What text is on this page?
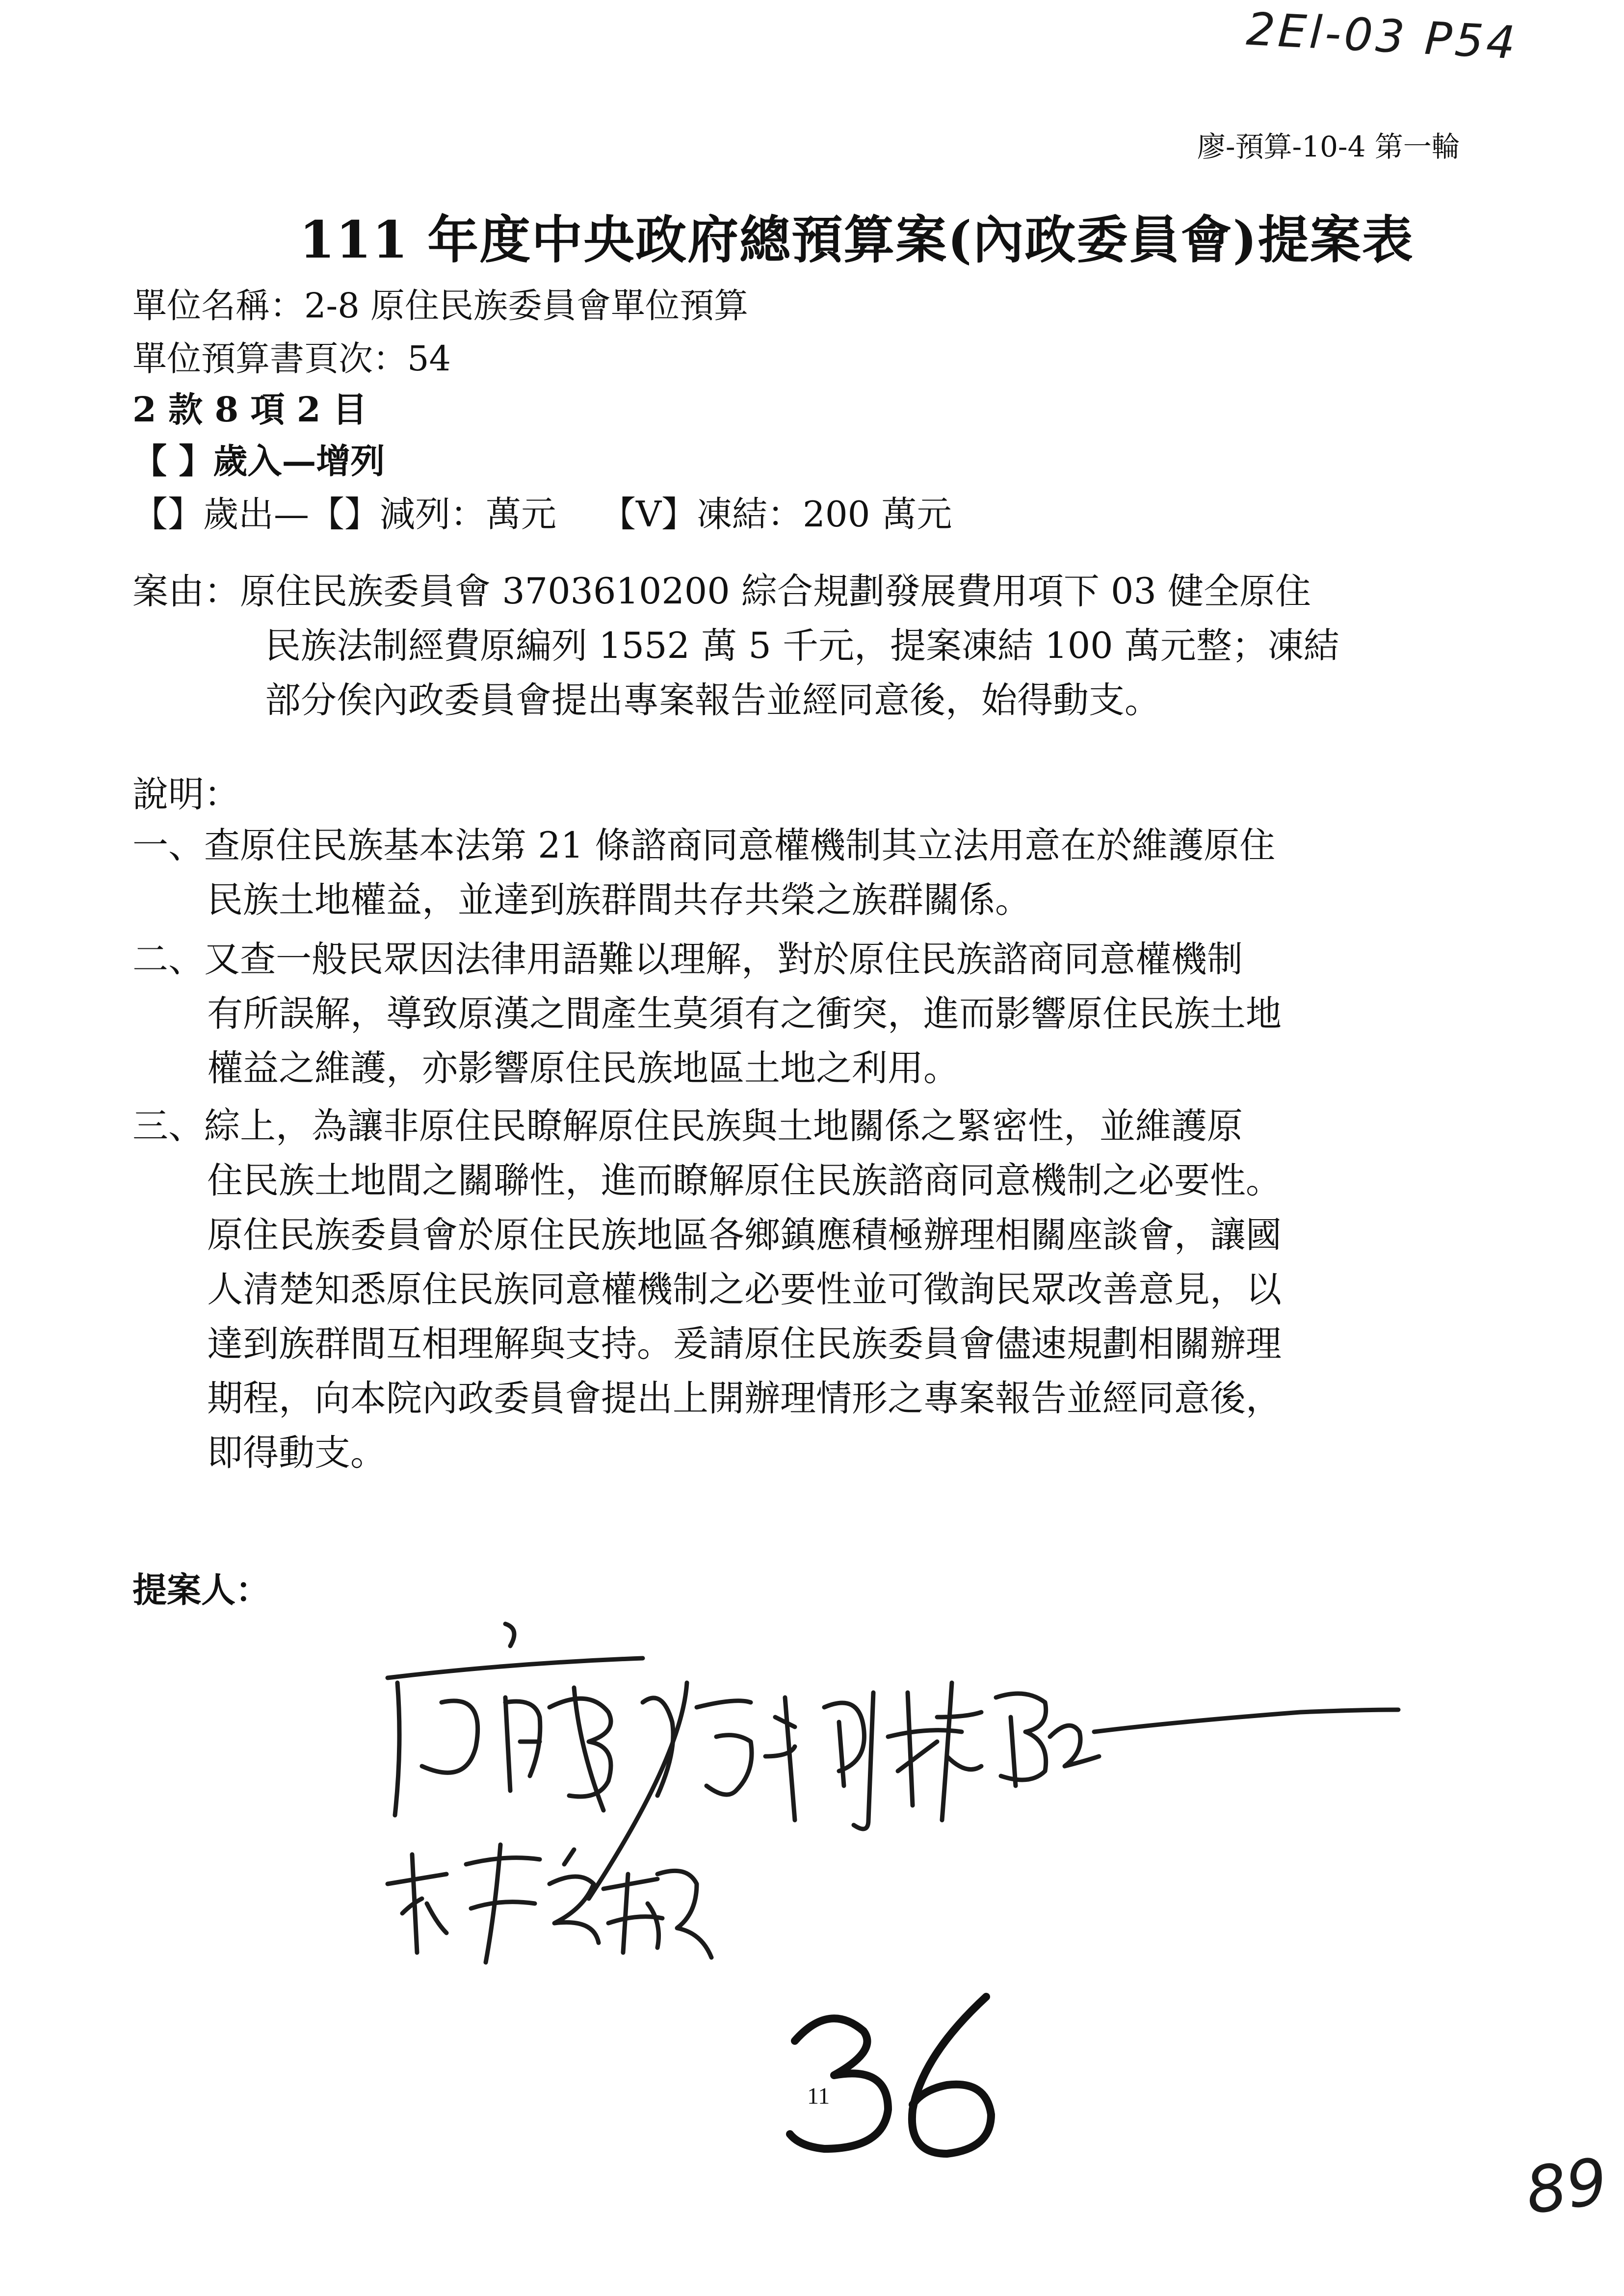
2El-03 P54
廖-預算-10-4 第一輪
111 年度中央政府總預算案(內政委員會)提案表
單位名稱：2-8 原住民族委員會單位預算
單位預算書頁次：54
2 款 8 項 2 目
【 】歲入—增列
【】歲出—【】減列：萬元 【V】凍結：200 萬元
案由：原住民族委員會 3703610200 綜合規劃發展費用項下 03 健全原住
民族法制經費原編列 1552 萬 5 千元，提案凍結 100 萬元整；凍結
部分俟內政委員會提出專案報告並經同意後，始得動支。
說明：
一、查原住民族基本法第 21 條諮商同意權機制其立法用意在於維護原住
民族土地權益，並達到族群間共存共榮之族群關係。
二、又查一般民眾因法律用語難以理解，對於原住民族諮商同意權機制
有所誤解，導致原漢之間產生莫須有之衝突，進而影響原住民族土地
權益之維護，亦影響原住民族地區土地之利用。
三、綜上，為讓非原住民瞭解原住民族與土地關係之緊密性，並維護原
住民族土地間之關聯性，進而瞭解原住民族諮商同意機制之必要性。
原住民族委員會於原住民族地區各鄉鎮應積極辦理相關座談會，讓國
人清楚知悉原住民族同意權機制之必要性並可徵詢民眾改善意見，以
達到族群間互相理解與支持。爰請原住民族委員會儘速規劃相關辦理
期程，向本院內政委員會提出上開辦理情形之專案報告並經同意後，
即得動支。
提案人：
11
89
